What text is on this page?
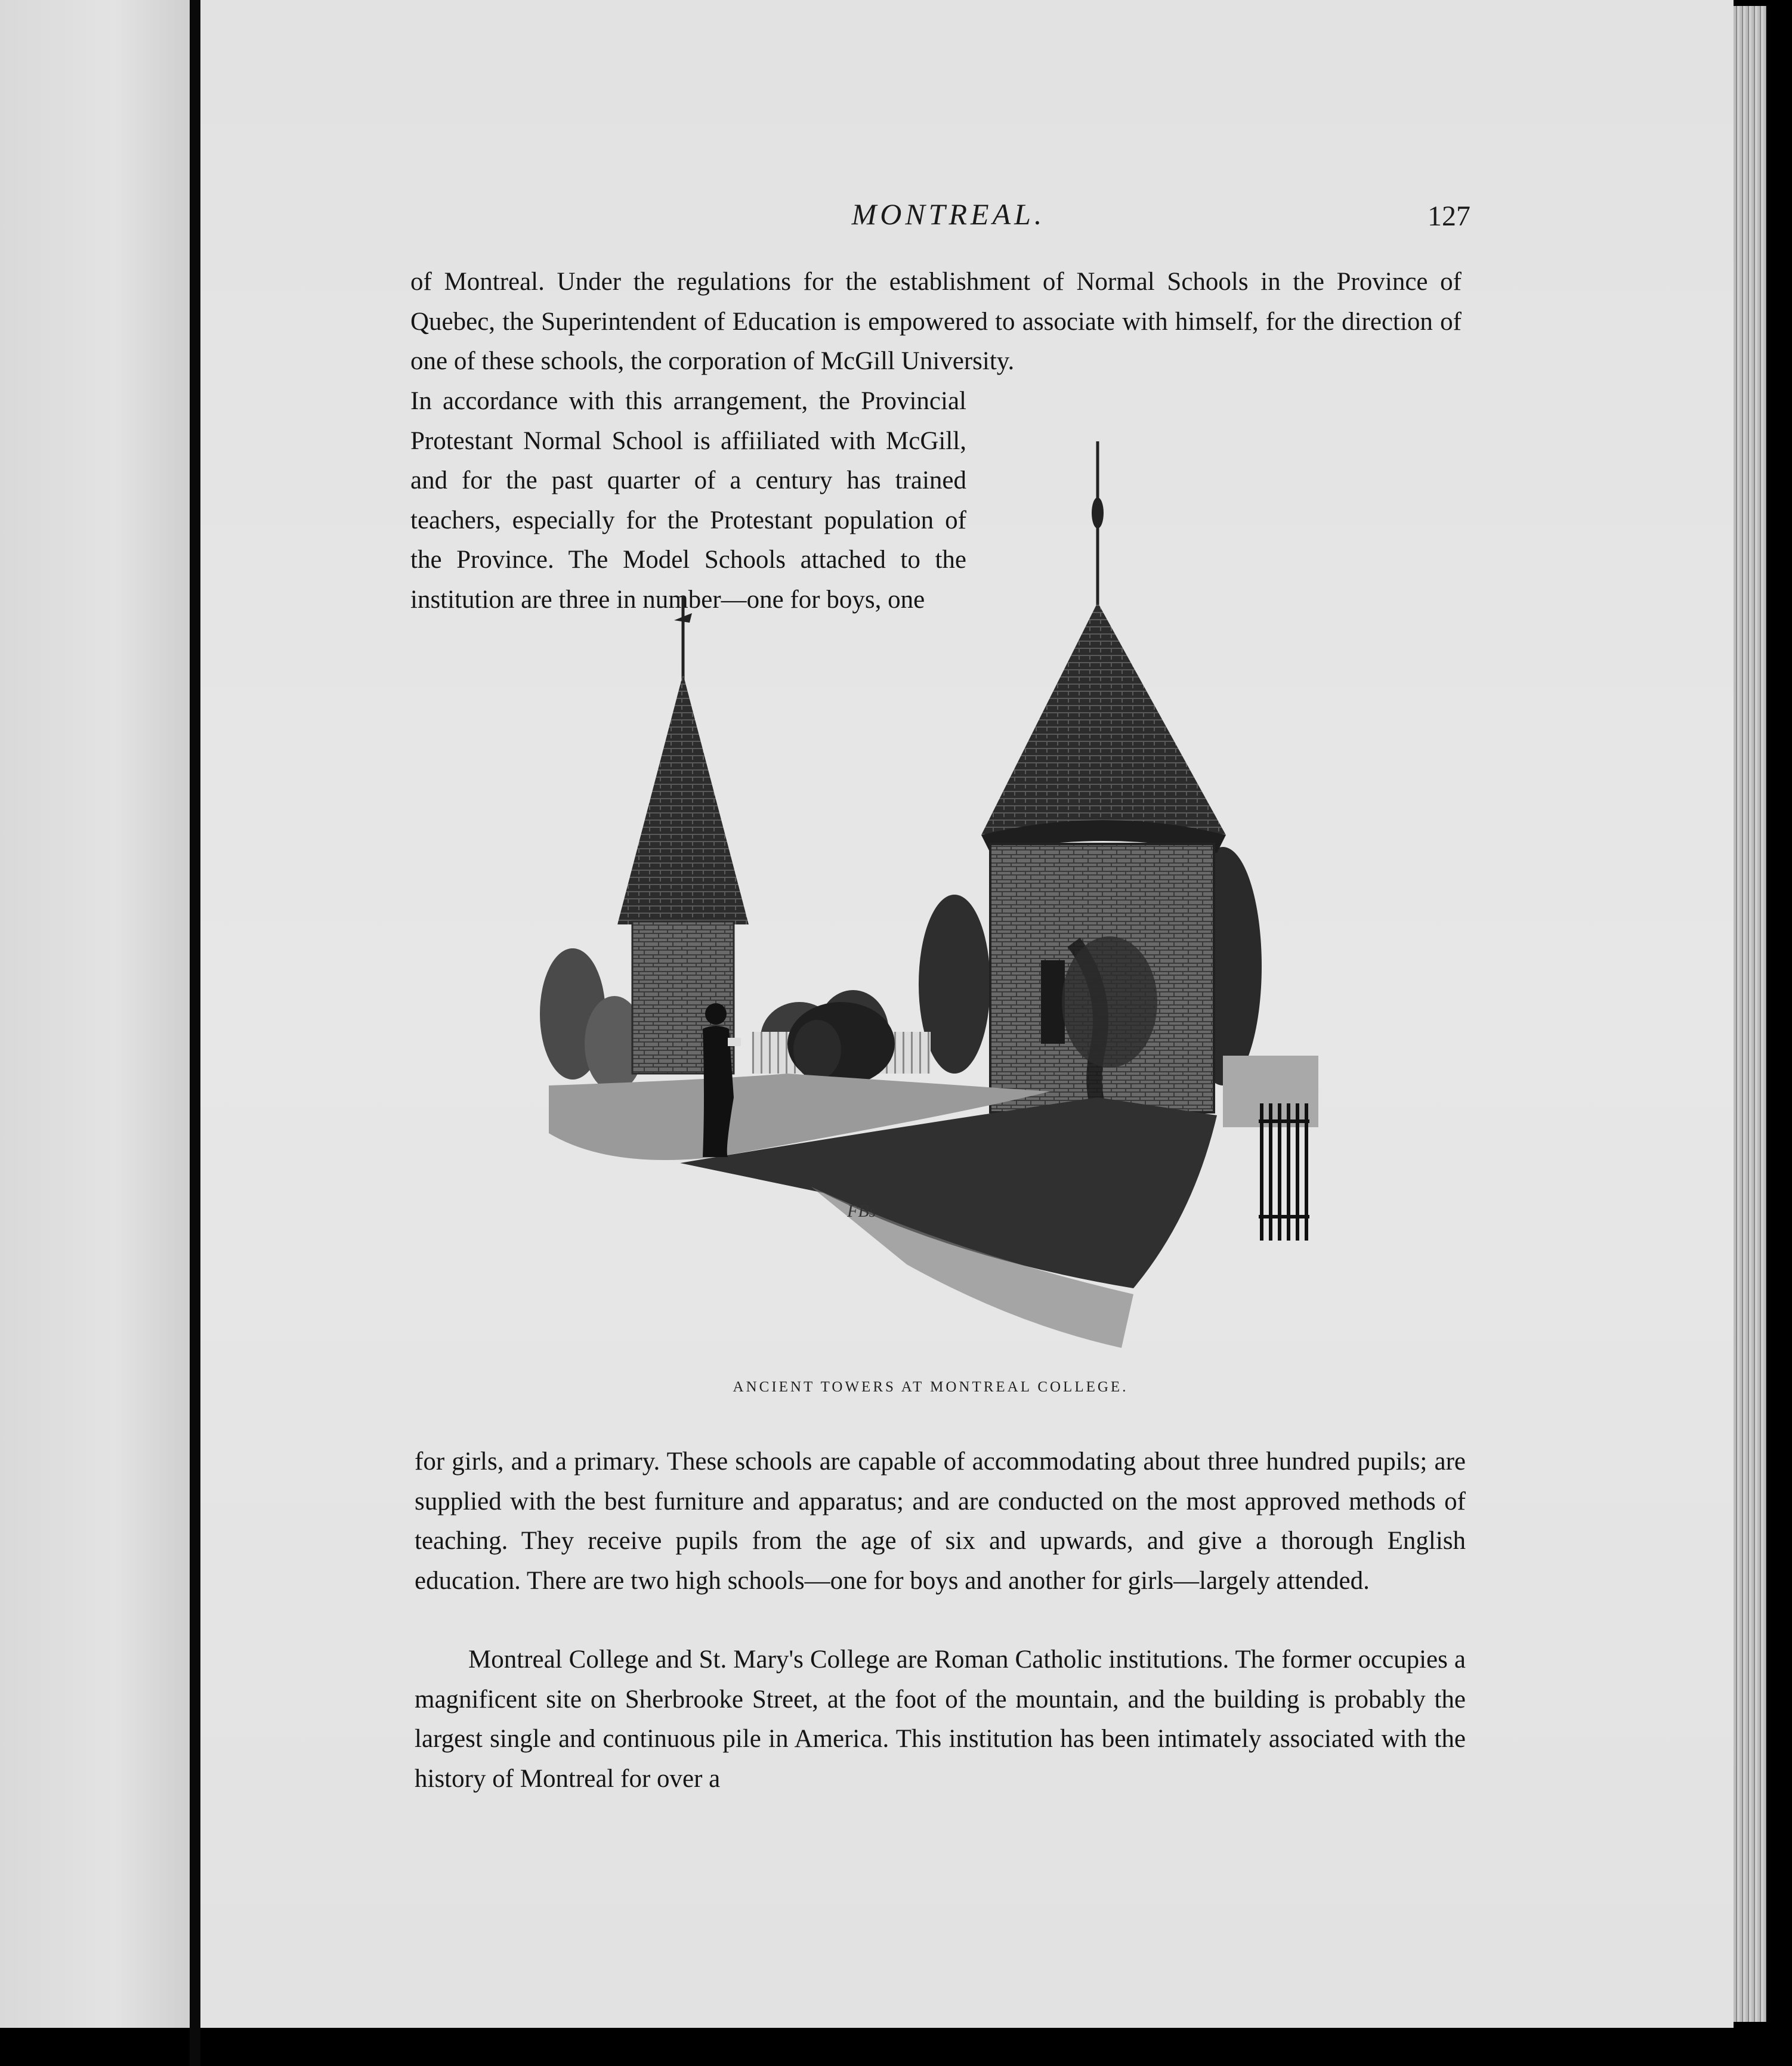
MONTREAL.	127

of Montreal. Under the regulations for the establishment of Normal Schools in the Province of Quebec, the Superintendent of Education is empowered to associate with himself, for the direction of one of these schools, the corporation of McGill University.

In accordance with this arrangement, the Provincial Protestant Normal School is affiiliated with McGill, and for the past quarter of a century has trained teachers, especially for the Protestant population of the Province. The Model Schools attached to the institution are three in number—one for boys, one

FBs
ANCIENT TOWERS AT MONTREAL COLLEGE.

for girls, and a primary. These schools are capable of accommodating about three hundred pupils; are supplied with the best furniture and apparatus; and are conducted on the most approved methods of teaching. They receive pupils from the age of six and upwards, and give a thorough English education. There are two high schools—one for boys and another for girls—largely attended.

Montreal College and St. Mary's College are Roman Catholic institutions. The former occupies a magnificent site on Sherbrooke Street, at the foot of the mountain, and the building is probably the largest single and continuous pile in America. This institution has been intimately associated with the history of Montreal for over a
